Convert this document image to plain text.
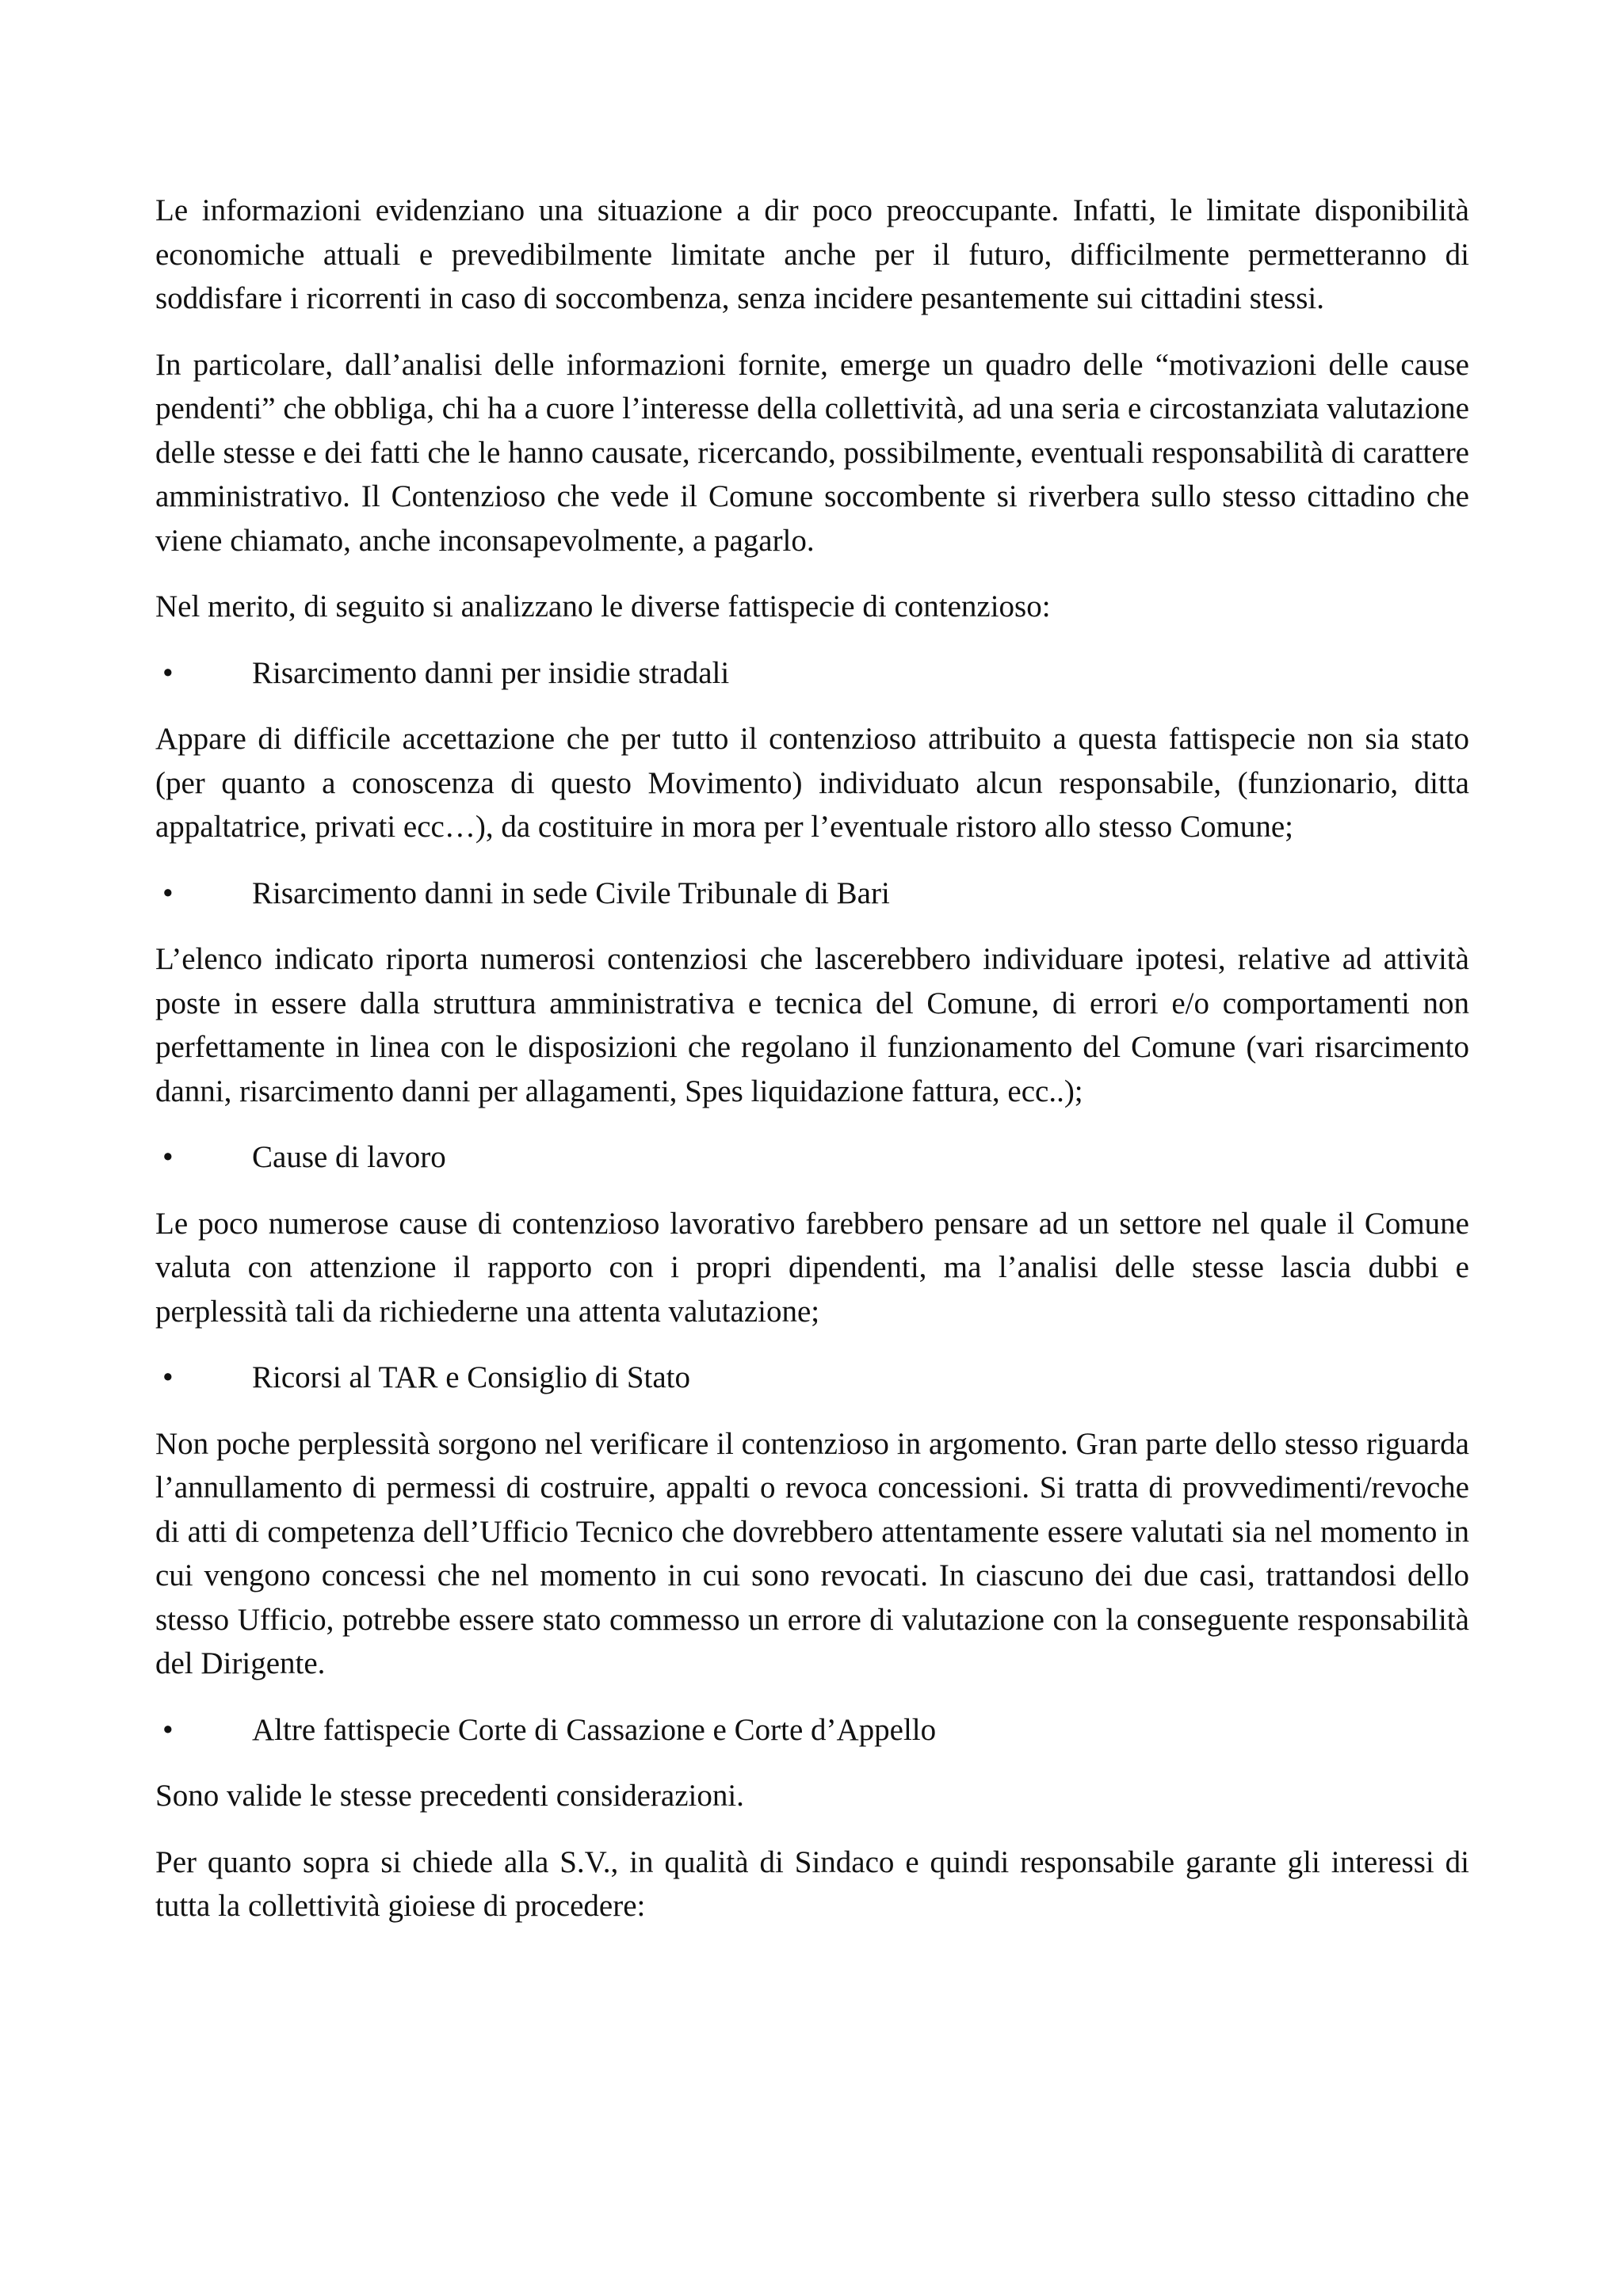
Le informazioni evidenziano una situazione a dir poco preoccupante. Infatti, le limitate disponibilità economiche attuali e prevedibilmente limitate anche per il futuro, difficilmente permetteranno di soddisfare i ricorrenti in caso di soccombenza, senza incidere pesantemente sui cittadini stessi.

In particolare, dall’analisi delle informazioni fornite, emerge un quadro delle “motivazioni delle cause pendenti” che obbliga, chi ha a cuore l’interesse della collettività, ad una seria e circostanziata valutazione delle stesse e dei fatti che le hanno causate, ricercando, possibilmente, eventuali responsabilità di carattere amministrativo. Il Contenzioso che vede il Comune soccombente si riverbera sullo stesso cittadino che viene chiamato, anche inconsapevolmente, a pagarlo.

Nel merito, di seguito si analizzano le diverse fattispecie di contenzioso:

•	Risarcimento danni per insidie stradali

Appare di difficile accettazione che per tutto il contenzioso attribuito a questa fattispecie non sia stato (per quanto a conoscenza di questo Movimento) individuato alcun responsabile, (funzionario, ditta appaltatrice, privati ecc…), da costituire in mora per l’eventuale ristoro allo stesso Comune;

•	Risarcimento danni in sede Civile Tribunale di Bari

L’elenco indicato riporta numerosi contenziosi che lascerebbero individuare ipotesi, relative ad attività poste in essere dalla struttura amministrativa e tecnica del Comune, di errori e/o comportamenti non perfettamente in linea con le disposizioni che regolano il funzionamento del Comune (vari risarcimento danni, risarcimento danni per allagamenti, Spes liquidazione fattura, ecc..);

•	Cause di lavoro

Le poco numerose cause di contenzioso lavorativo farebbero pensare ad un settore nel quale il Comune valuta con attenzione il rapporto con i propri dipendenti, ma l’analisi delle stesse lascia dubbi e perplessità tali da richiederne una attenta valutazione;

•	Ricorsi al TAR e Consiglio di Stato

Non poche perplessità sorgono nel verificare il contenzioso in argomento. Gran parte dello stesso riguarda l’annullamento di permessi di costruire, appalti o revoca concessioni. Si tratta di provvedimenti/revoche di atti di competenza dell’Ufficio Tecnico che dovrebbero attentamente essere valutati sia nel momento in cui vengono concessi che nel momento in cui sono revocati. In ciascuno dei due casi, trattandosi dello stesso Ufficio, potrebbe essere stato commesso un errore di valutazione con la conseguente responsabilità del Dirigente.

•	Altre fattispecie Corte di Cassazione e Corte d’Appello

Sono valide le stesse precedenti considerazioni.

Per quanto sopra si chiede alla S.V., in qualità di Sindaco e quindi responsabile garante gli interessi di tutta la collettività gioiese di procedere:
